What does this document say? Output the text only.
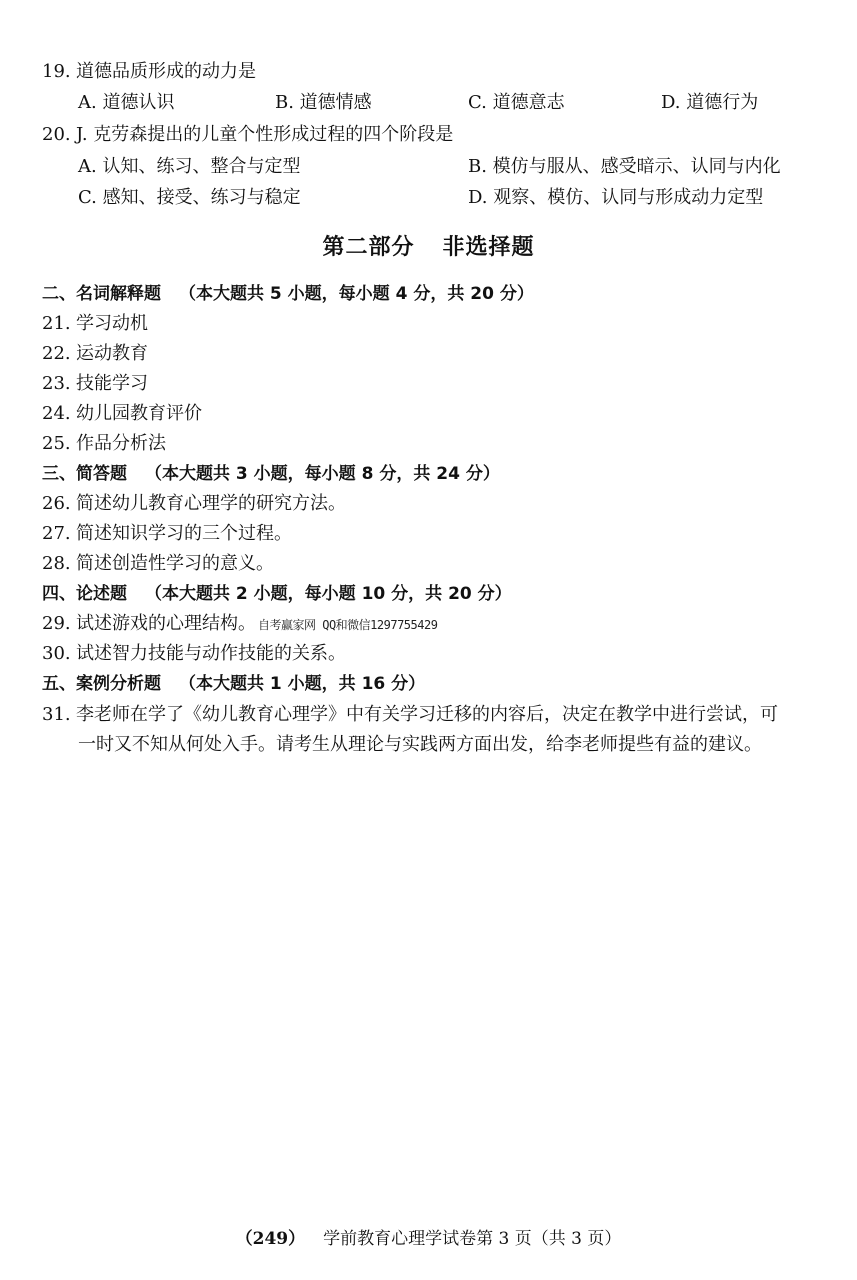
19. 道德品质形成的动力是
A. 道德认识	B. 道德情感	C. 道德意志	D. 道德行为
20. J. 克劳森提出的儿童个性形成过程的四个阶段是
A. 认知、练习、整合与定型	B. 模仿与服从、感受暗示、认同与内化
C. 感知、接受、练习与稳定	D. 观察、模仿、认同与形成动力定型
第二部分 非选择题
二、名词解释题 （本大题共 5 小题，每小题 4 分，共 20 分）
21. 学习动机
22. 运动教育
23. 技能学习
24. 幼儿园教育评价
25. 作品分析法
三、简答题 （本大题共 3 小题，每小题 8 分，共 24 分）
26. 简述幼儿教育心理学的研究方法。
27. 简述知识学习的三个过程。
28. 简述创造性学习的意义。
四、论述题 （本大题共 2 小题，每小题 10 分，共 20 分）
29. 试述游戏的心理结构。 自考赢家网 QQ和微信1297755429
30. 试述智力技能与动作技能的关系。
五、案例分析题 （本大题共 1 小题，共 16 分）
31. 李老师在学了《幼儿教育心理学》中有关学习迁移的内容后，决定在教学中进行尝试，可
一时又不知从何处入手。请考生从理论与实践两方面出发，给李老师提些有益的建议。
（249） 学前教育心理学试卷第 3 页（共 3 页）
